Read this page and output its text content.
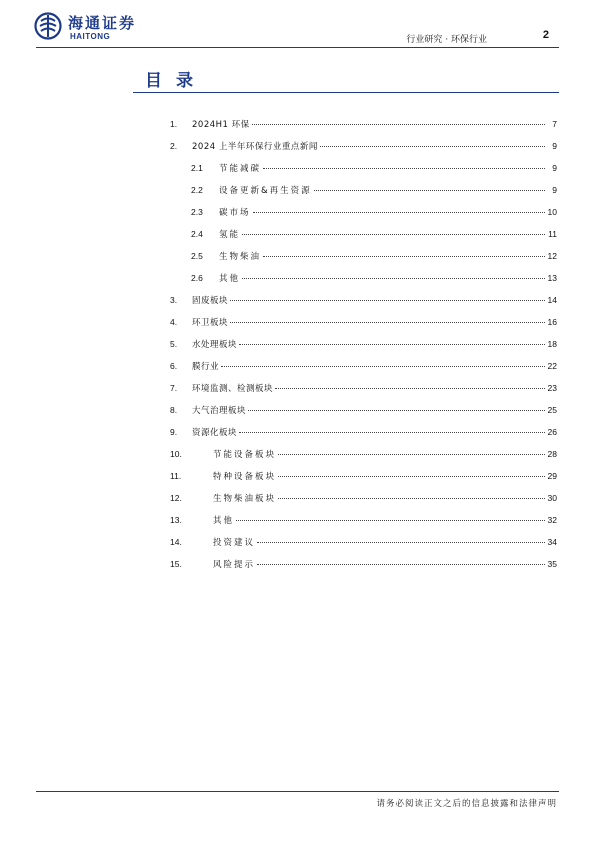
海通证券
HAITONG	行业研究 · 环保行业	2
目录
1.	2024H1 环保	7
2.	2024 上半年环保行业重点新闻	9
2.1	节能减碳	9
2.2	设备更新&再生资源	9
2.3	碳市场	10
2.4	氢能	11
2.5	生物柴油	12
2.6	其他	13
3.	固废板块	14
4.	环卫板块	16
5.	水处理板块	18
6.	膜行业	22
7.	环境监测、检测板块	23
8.	大气治理板块	25
9.	资源化板块	26
10.	节能设备板块	28
11.	特种设备板块	29
12.	生物柴油板块	30
13.	其他	32
14.	投资建议	34
15.	风险提示	35
请务必阅读正文之后的信息披露和法律声明
